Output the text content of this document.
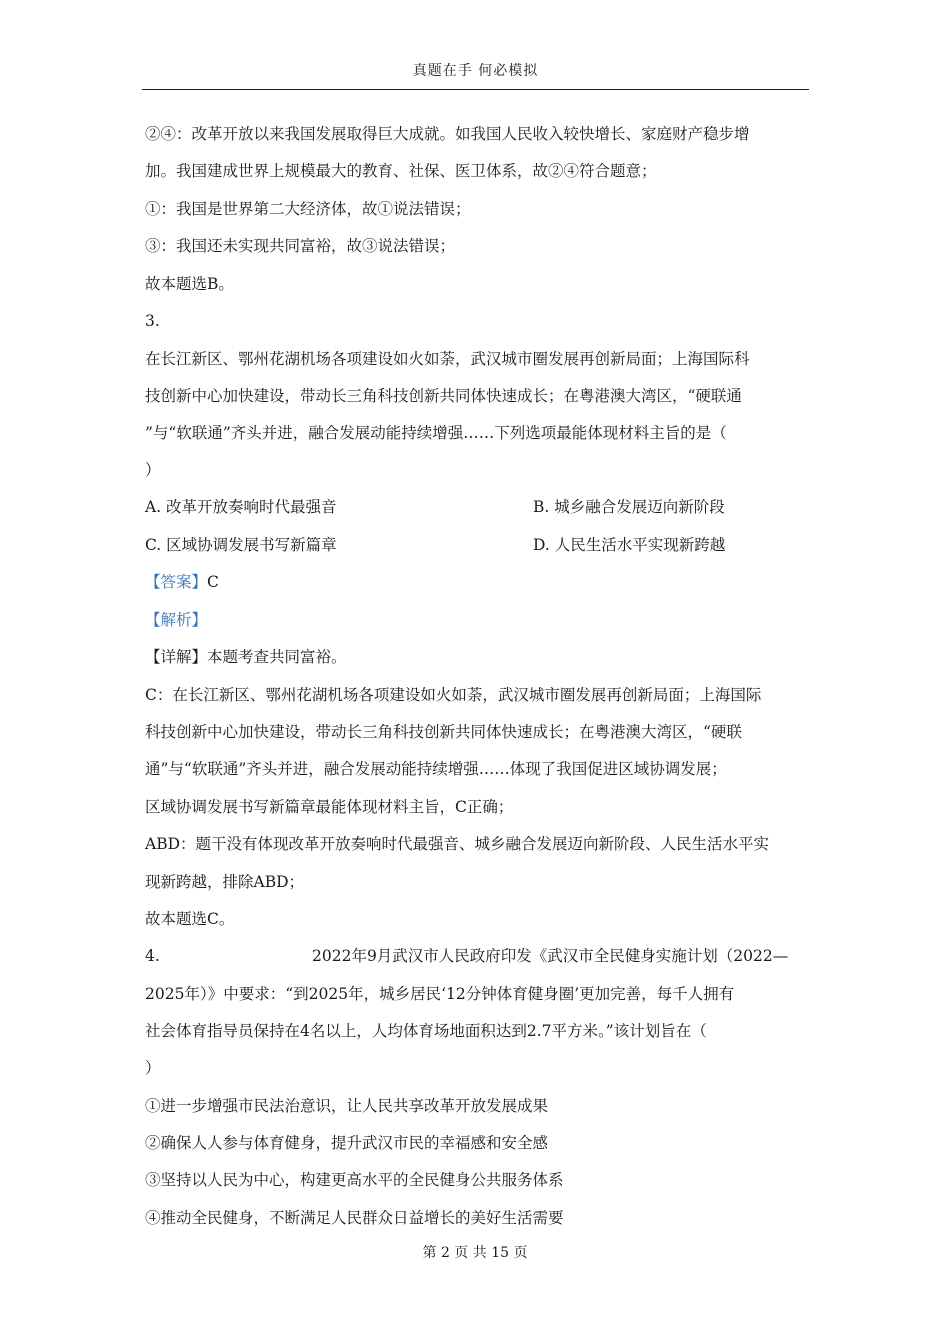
真题在手 何必模拟
②④：改革开放以来我国发展取得巨大成就。如我国人民收入较快增长、家庭财产稳步增
加。我国建成世界上规模最大的教育、社保、医卫体系，故②④符合题意；
①：我国是世界第二大经济体，故①说法错误；
③：我国还未实现共同富裕，故③说法错误；
故本题选B。
3.
在长江新区、鄂州花湖机场各项建设如火如荼，武汉城市圈发展再创新局面；上海国际科
技创新中心加快建设，带动长三角科技创新共同体快速成长；在粤港澳大湾区，“硬联通
”与“软联通”齐头并进，融合发展动能持续增强……下列选项最能体现材料主旨的是（
）
A. 改革开放奏响时代最强音	B. 城乡融合发展迈向新阶段
C. 区域协调发展书写新篇章	D. 人民生活水平实现新跨越
【答案】C
【解析】
【详解】本题考查共同富裕。
C：在长江新区、鄂州花湖机场各项建设如火如荼，武汉城市圈发展再创新局面；上海国际
科技创新中心加快建设，带动长三角科技创新共同体快速成长；在粤港澳大湾区，“硬联
通”与“软联通”齐头并进，融合发展动能持续增强……体现了我国促进区域协调发展；
区域协调发展书写新篇章最能体现材料主旨，C正确；
ABD：题干没有体现改革开放奏响时代最强音、城乡融合发展迈向新阶段、人民生活水平实
现新跨越，排除ABD；
故本题选C。
4.	2022年9月武汉市人民政府印发《武汉市全民健身实施计划（2022—
2025年）》中要求：“到2025年，城乡居民‘12分钟体育健身圈’更加完善，每千人拥有
社会体育指导员保持在4名以上，人均体育场地面积达到2.7平方米。”该计划旨在（
）
①进一步增强市民法治意识，让人民共享改革开放发展成果
②确保人人参与体育健身，提升武汉市民的幸福感和安全感
③坚持以人民为中心，构建更高水平的全民健身公共服务体系
④推动全民健身，不断满足人民群众日益增长的美好生活需要
第 2 页 共 15 页
